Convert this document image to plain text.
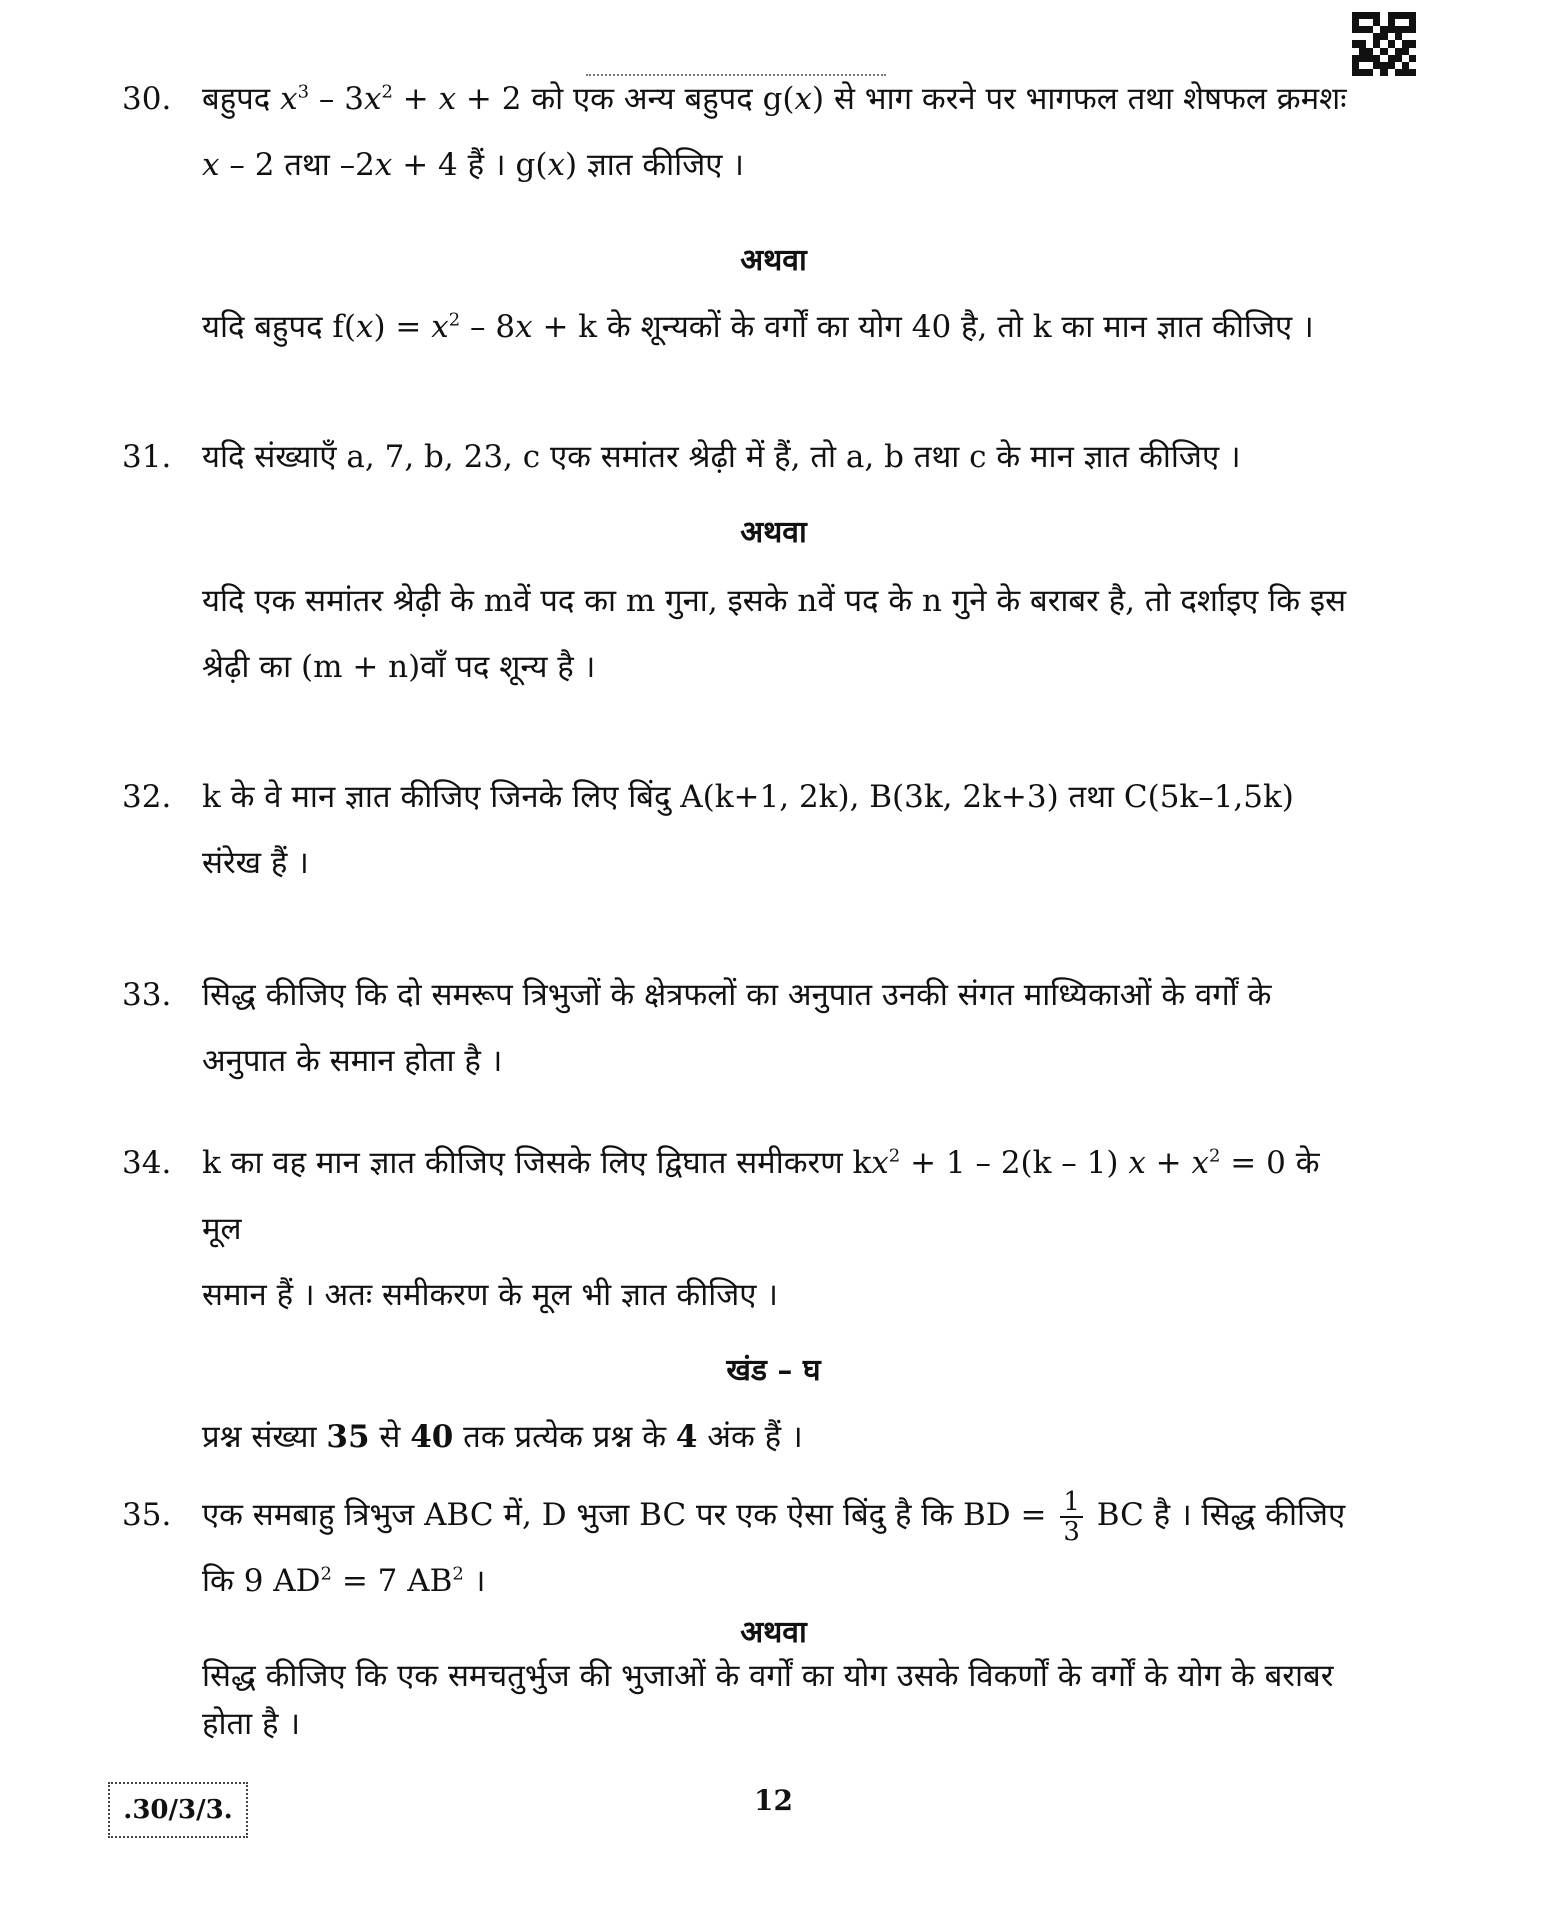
30. बहुपद $x^3 - 3x^2 + x + 2$ को एक अन्य बहुपद g(x) से भाग करने पर भागफल तथा शेषफल क्रमशः
x – 2 तथा –2x + 4 हैं । g(x) ज्ञात कीजिए ।
अथवा
यदि बहुपद $f(x) = x^2 - 8x + k$ के शून्यकों के वर्गों का योग 40 है, तो k का मान ज्ञात कीजिए ।
31. यदि संख्याएँ a, 7, b, 23, c एक समांतर श्रेढ़ी में हैं, तो a, b तथा c के मान ज्ञात कीजिए ।
अथवा
यदि एक समांतर श्रेढ़ी के mवें पद का m गुना, इसके nवें पद के n गुने के बराबर है, तो दर्शाइए कि इस
श्रेढ़ी का (m + n)वाँ पद शून्य है ।
32. k के वे मान ज्ञात कीजिए जिनके लिए बिंदु A(k+1, 2k), B(3k, 2k+3) तथा C(5k–1,5k)
संरेख हैं ।
33. सिद्ध कीजिए कि दो समरूप त्रिभुजों के क्षेत्रफलों का अनुपात उनकी संगत माध्यिकाओं के वर्गों के
अनुपात के समान होता है ।
34. k का वह मान ज्ञात कीजिए जिसके लिए द्विघात समीकरण $kx^2 + 1 - 2(k - 1) x + x^2 = 0$ के मूल
समान हैं । अतः समीकरण के मूल भी ज्ञात कीजिए ।
खंड – घ
प्रश्न संख्या 35 से 40 तक प्रत्येक प्रश्न के 4 अंक हैं ।
35. एक समबाहु त्रिभुज ABC में, D भुजा BC पर एक ऐसा बिंदु है कि BD = $\frac{1}{3}$ BC है । सिद्ध कीजिए
कि 9 $AD^2 = 7$ $AB^2$ ।
अथवा
सिद्ध कीजिए कि एक समचतुर्भुज की भुजाओं के वर्गों का योग उसके विकर्णों के वर्गों के योग के बराबर
होता है ।
.30/3/3.	12
